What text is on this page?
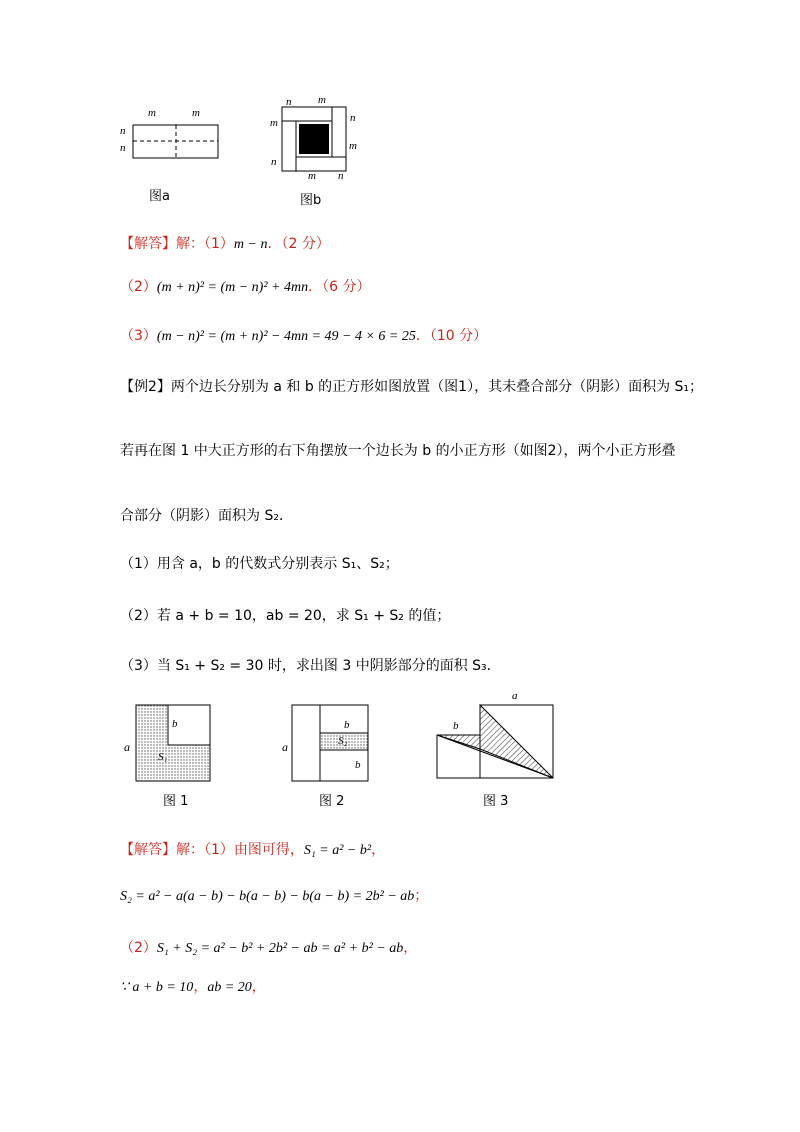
m	m
n
n
图a
n m
m	n
m
n
m n
图b
【解答】解：（1）m − n．（2 分）
（2）(m + n)² = (m − n)² + 4mn．（6 分）
（3）(m − n)² = (m + n)² − 4mn = 49 − 4 × 6 = 25．（10 分）
【例2】两个边长分别为 a 和 b 的正方形如图放置（图1），其未叠合部分（阴影）面积为 S₁；
若再在图 1 中大正方形的右下角摆放一个边长为 b 的小正方形（如图2），两个小正方形叠
合部分（阴影）面积为 S₂．
（1）用含 a，b 的代数式分别表示 S₁、S₂；
（2）若 a + b = 10，ab = 20，求 S₁ + S₂ 的值；
（3）当 S₁ + S₂ = 30 时，求出图 3 中阴影部分的面积 S₃．
a
b
S₁
图 1
a
b
S₂
b
图 2
a
b
图 3
【解答】解：（1）由图可得，S₁ = a² − b²，
S₂ = a² − a(a − b) − b(a − b) − b(a − b) = 2b² − ab；
（2）S₁ + S₂ = a² − b² + 2b² − ab = a² + b² − ab，
∵ a + b = 10，ab = 20，
